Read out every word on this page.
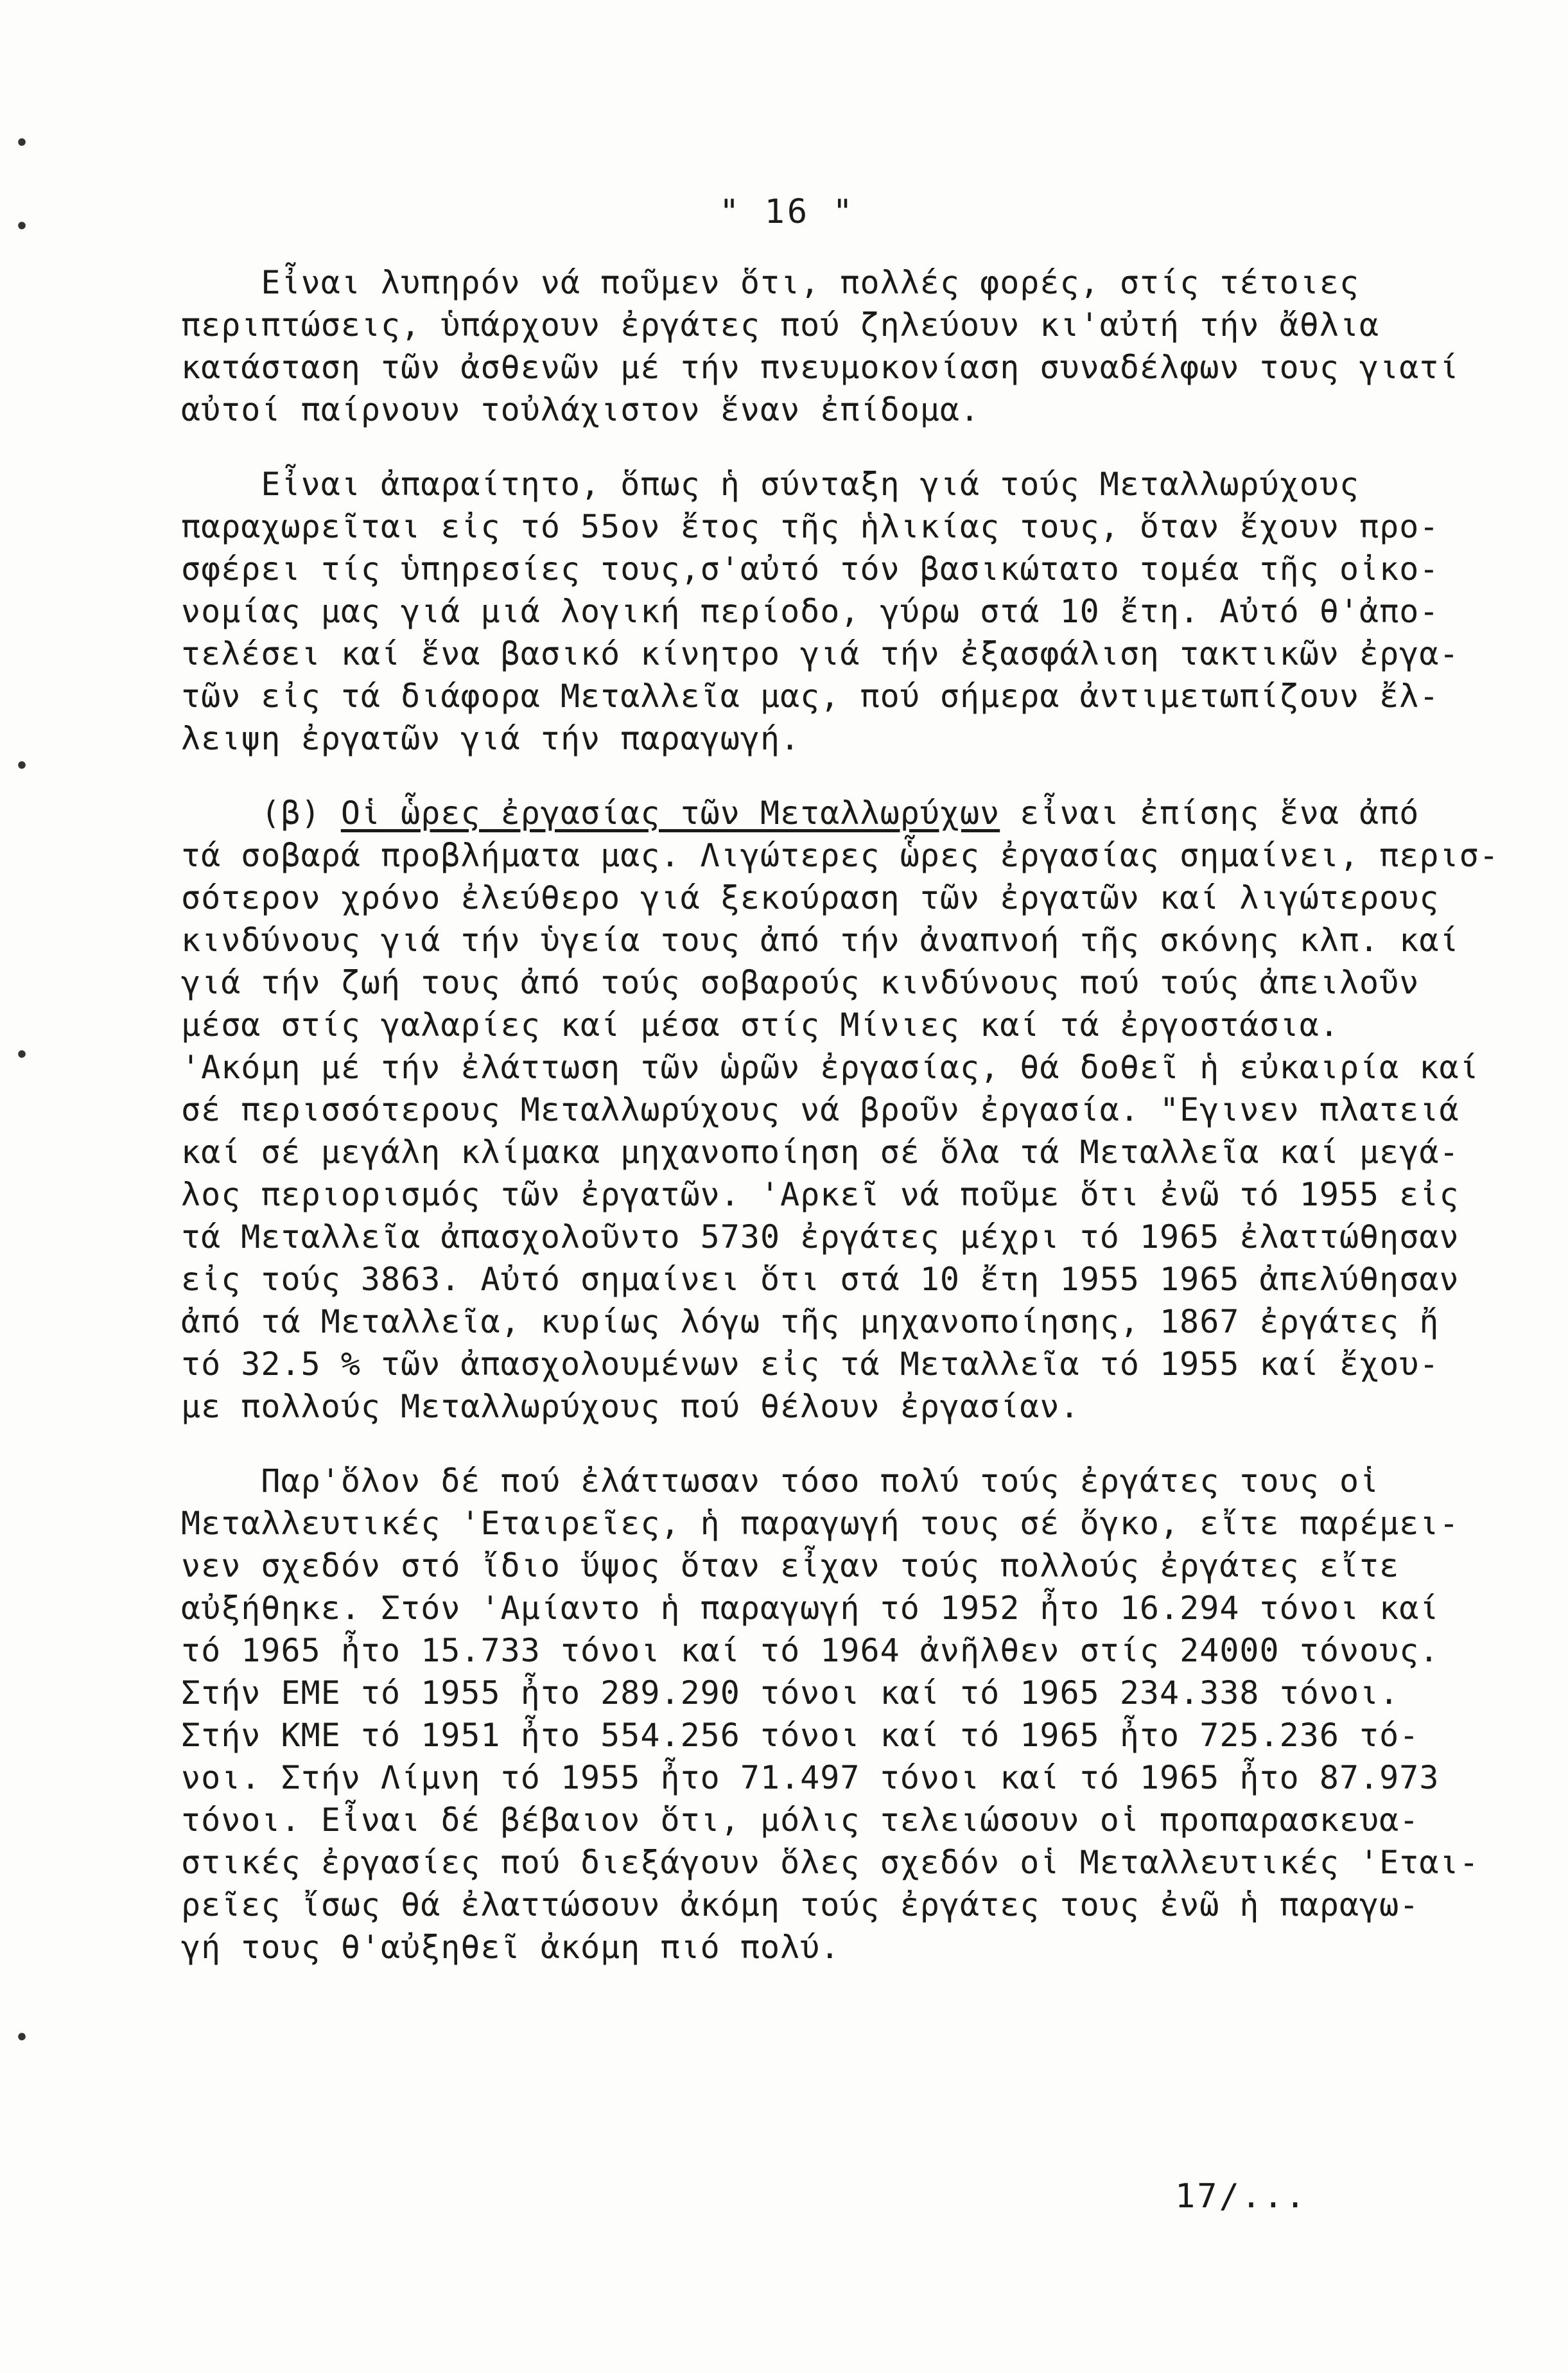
" 16 "
Εἶναι λυπηρόν νά ποῦμεν ὅτι, πολλές φορές, στίς τέτοιες
περιπτώσεις, ὑπάρχουν ἐργάτες πού ζηλεύουν κι'αὐτή τήν ἄθλια
κατάσταση τῶν ἀσθενῶν μέ τήν πνευμοκονίαση συναδέλφων τους γιατί
αὐτοί παίρνουν τοὐλάχιστον ἕναν ἐπίδομα.
Εἶναι ἀπαραίτητο, ὅπως ἡ σύνταξη γιά τούς Μεταλλωρύχους
παραχωρεῖται εἰς τό 55ον ἔτος τῆς ἡλικίας τους, ὅταν ἔχουν προ-
σφέρει τίς ὑπηρεσίες τους,σ'αὐτό τόν βασικώτατο τομέα τῆς οἰκο-
νομίας μας γιά μιά λογική περίοδο, γύρω στά 10 ἔτη. Αὐτό θ'ἀπο-
τελέσει καί ἕνα βασικό κίνητρο γιά τήν ἐξασφάλιση τακτικῶν ἐργα-
τῶν εἰς τά διάφορα Μεταλλεῖα μας, πού σήμερα ἀντιμετωπίζουν ἔλ-
λειψη ἐργατῶν γιά τήν παραγωγή.
(β) Οἱ ὧρες ἐργασίας τῶν Μεταλλωρύχων εἶναι ἐπίσης ἕνα ἀπό
τά σοβαρά προβλήματα μας. Λιγώτερες ὧρες ἐργασίας σημαίνει, περισ-
σότερον χρόνο ἐλεύθερο γιά ξεκούραση τῶν ἐργατῶν καί λιγώτερους
κινδύνους γιά τήν ὑγεία τους ἀπό τήν ἀναπνοή τῆς σκόνης κλπ. καί
γιά τήν ζωή τους ἀπό τούς σοβαρούς κινδύνους πού τούς ἀπειλοῦν
μέσα στίς γαλαρίες καί μέσα στίς Μίνιες καί τά ἐργοστάσια.
'Ακόμη μέ τήν ἐλάττωση τῶν ὡρῶν ἐργασίας, θά δοθεῖ ἡ εὐκαιρία καί
σέ περισσότερους Μεταλλωρύχους νά βροῦν ἐργασία. "Εγινεν πλατειά
καί σέ μεγάλη κλίμακα μηχανοποίηση σέ ὅλα τά Μεταλλεῖα καί μεγά-
λος περιορισμός τῶν ἐργατῶν. 'Αρκεῖ νά ποῦμε ὅτι ἐνῶ τό 1955 εἰς
τά Μεταλλεῖα ἀπασχολοῦντο 5730 ἐργάτες μέχρι τό 1965 ἐλαττώθησαν
εἰς τούς 3863. Αὐτό σημαίνει ὅτι στά 10 ἔτη 1955 1965 ἀπελύθησαν
ἀπό τά Μεταλλεῖα, κυρίως λόγω τῆς μηχανοποίησης, 1867 ἐργάτες ἤ
τό 32.5 % τῶν ἀπασχολουμένων εἰς τά Μεταλλεῖα τό 1955 καί ἔχου-
με πολλούς Μεταλλωρύχους πού θέλουν ἐργασίαν.
Παρ'ὅλον δέ πού ἐλάττωσαν τόσο πολύ τούς ἐργάτες τους οἱ
Μεταλλευτικές 'Εταιρεῖες, ἡ παραγωγή τους σέ ὄγκο, εἴτε παρέμει-
νεν σχεδόν στό ἴδιο ὕψος ὅταν εἶχαν τούς πολλούς ἐργάτες εἴτε
αὐξήθηκε. Στόν 'Αμίαντο ἡ παραγωγή τό 1952 ἦτο 16.294 τόνοι καί
τό 1965 ἦτο 15.733 τόνοι καί τό 1964 ἀνῆλθεν στίς 24000 τόνους.
Στήν ΕΜΕ τό 1955 ἦτο 289.290 τόνοι καί τό 1965 234.338 τόνοι.
Στήν ΚΜΕ τό 1951 ἦτο 554.256 τόνοι καί τό 1965 ἦτο 725.236 τό-
νοι. Στήν Λίμνη τό 1955 ἦτο 71.497 τόνοι καί τό 1965 ἦτο 87.973
τόνοι. Εἶναι δέ βέβαιον ὅτι, μόλις τελειώσουν οἱ προπαρασκευα-
στικές ἐργασίες πού διεξάγουν ὅλες σχεδόν οἱ Μεταλλευτικές 'Εται-
ρεῖες ἴσως θά ἐλαττώσουν ἀκόμη τούς ἐργάτες τους ἐνῶ ἡ παραγω-
γή τους θ'αὐξηθεῖ ἀκόμη πιό πολύ.
17/...
•
•
•
•
•
